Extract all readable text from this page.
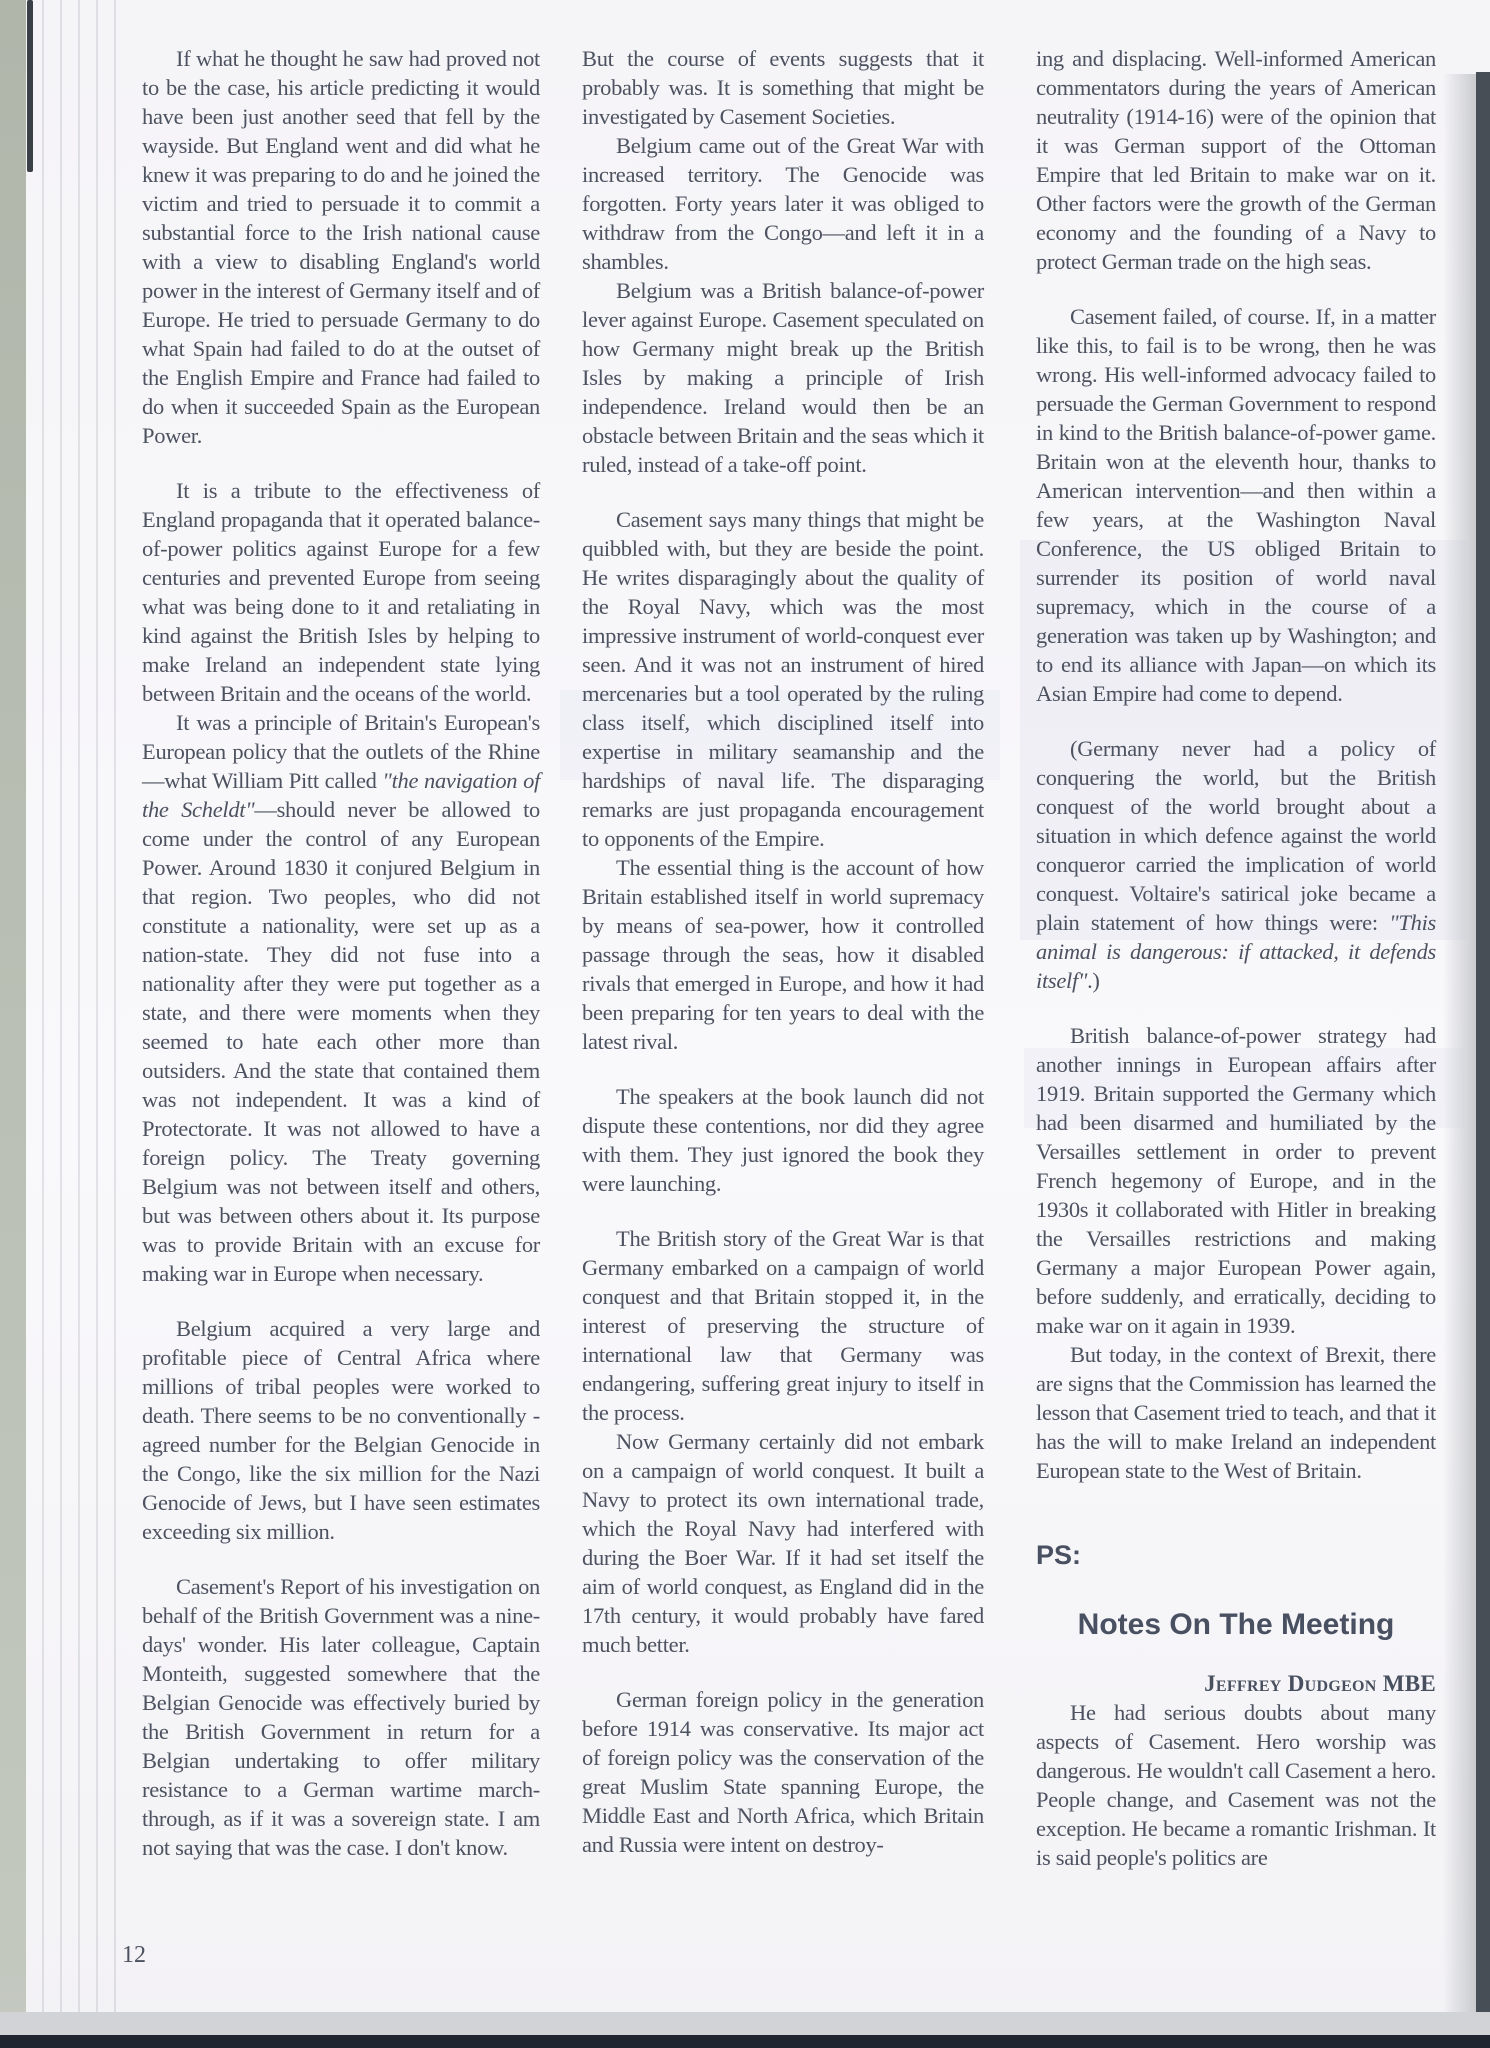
If what he thought he saw had proved not to be the case, his article predicting it would have been just another seed that fell by the wayside. But England went and did what he knew it was preparing to do and he joined the victim and tried to persuade it to commit a substantial force to the Irish national cause with a view to disabling England's world power in the interest of Germany itself and of Europe. He tried to persuade Germany to do what Spain had failed to do at the outset of the English Empire and France had failed to do when it succeeded Spain as the European Power.

It is a tribute to the effectiveness of England propaganda that it operated balance-of-power politics against Europe for a few centuries and prevented Europe from seeing what was being done to it and retaliating in kind against the British Isles by helping to make Ireland an independent state lying between Britain and the oceans of the world.

It was a principle of Britain's European's European policy that the outlets of the Rhine—what William Pitt called "the navigation of the Scheldt"—should never be allowed to come under the control of any European Power. Around 1830 it conjured Belgium in that region. Two peoples, who did not constitute a nationality, were set up as a nation-state. They did not fuse into a nationality after they were put together as a state, and there were moments when they seemed to hate each other more than outsiders. And the state that contained them was not independent. It was a kind of Protectorate. It was not allowed to have a foreign policy. The Treaty governing Belgium was not between itself and others, but was between others about it. Its purpose was to provide Britain with an excuse for making war in Europe when necessary.

Belgium acquired a very large and profitable piece of Central Africa where millions of tribal peoples were worked to death. There seems to be no conventionally -agreed number for the Belgian Genocide in the Congo, like the six million for the Nazi Genocide of Jews, but I have seen estimates exceeding six million.

Casement's Report of his investigation on behalf of the British Government was a nine-days' wonder. His later colleague, Captain Monteith, suggested somewhere that the Belgian Genocide was effectively buried by the British Government in return for a Belgian undertaking to offer military resistance to a German wartime march-through, as if it was a sovereign state. I am not saying that was the case. I don't know.

But the course of events suggests that it probably was. It is something that might be investigated by Casement Societies.

Belgium came out of the Great War with increased territory. The Genocide was forgotten. Forty years later it was obliged to withdraw from the Congo—and left it in a shambles.

Belgium was a British balance-of-power lever against Europe. Casement speculated on how Germany might break up the British Isles by making a principle of Irish independence. Ireland would then be an obstacle between Britain and the seas which it ruled, instead of a take-off point.

Casement says many things that might be quibbled with, but they are beside the point. He writes disparagingly about the quality of the Royal Navy, which was the most impressive instrument of world-conquest ever seen. And it was not an instrument of hired mercenaries but a tool operated by the ruling class itself, which disciplined itself into expertise in military seamanship and the hardships of naval life. The disparaging remarks are just propaganda encouragement to opponents of the Empire.

The essential thing is the account of how Britain established itself in world supremacy by means of sea-power, how it controlled passage through the seas, how it disabled rivals that emerged in Europe, and how it had been preparing for ten years to deal with the latest rival.

The speakers at the book launch did not dispute these contentions, nor did they agree with them. They just ignored the book they were launching.

The British story of the Great War is that Germany embarked on a campaign of world conquest and that Britain stopped it, in the interest of preserving the structure of international law that Germany was endangering, suffering great injury to itself in the process.

Now Germany certainly did not embark on a campaign of world conquest. It built a Navy to protect its own international trade, which the Royal Navy had interfered with during the Boer War. If it had set itself the aim of world conquest, as England did in the 17th century, it would probably have fared much better.

German foreign policy in the generation before 1914 was conservative. Its major act of foreign policy was the conservation of the great Muslim State spanning Europe, the Middle East and North Africa, which Britain and Russia were intent on destroy-

ing and displacing. Well-informed American commentators during the years of American neutrality (1914-16) were of the opinion that it was German support of the Ottoman Empire that led Britain to make war on it. Other factors were the growth of the German economy and the founding of a Navy to protect German trade on the high seas.

Casement failed, of course. If, in a matter like this, to fail is to be wrong, then he was wrong. His well-informed advocacy failed to persuade the German Government to respond in kind to the British balance-of-power game. Britain won at the eleventh hour, thanks to American intervention—and then within a few years, at the Washington Naval Conference, the US obliged Britain to surrender its position of world naval supremacy, which in the course of a generation was taken up by Washington; and to end its alliance with Japan—on which its Asian Empire had come to depend.

(Germany never had a policy of conquering the world, but the British conquest of the world brought about a situation in which defence against the world conqueror carried the implication of world conquest. Voltaire's satirical joke became a plain statement of how things were: "This animal is dangerous: if attacked, it defends itself".)

British balance-of-power strategy had another innings in European affairs after 1919. Britain supported the Germany which had been disarmed and humiliated by the Versailles settlement in order to prevent French hegemony of Europe, and in the 1930s it collaborated with Hitler in breaking the Versailles restrictions and making Germany a major European Power again, before suddenly, and erratically, deciding to make war on it again in 1939.

But today, in the context of Brexit, there are signs that the Commission has learned the lesson that Casement tried to teach, and that it has the will to make Ireland an independent European state to the West of Britain.

PS:

Notes On The Meeting

Jeffrey Dudgeon MBE

He had serious doubts about many aspects of Casement. Hero worship was dangerous. He wouldn't call Casement a hero. People change, and Casement was not the exception. He became a romantic Irishman. It is said people's politics are

12
